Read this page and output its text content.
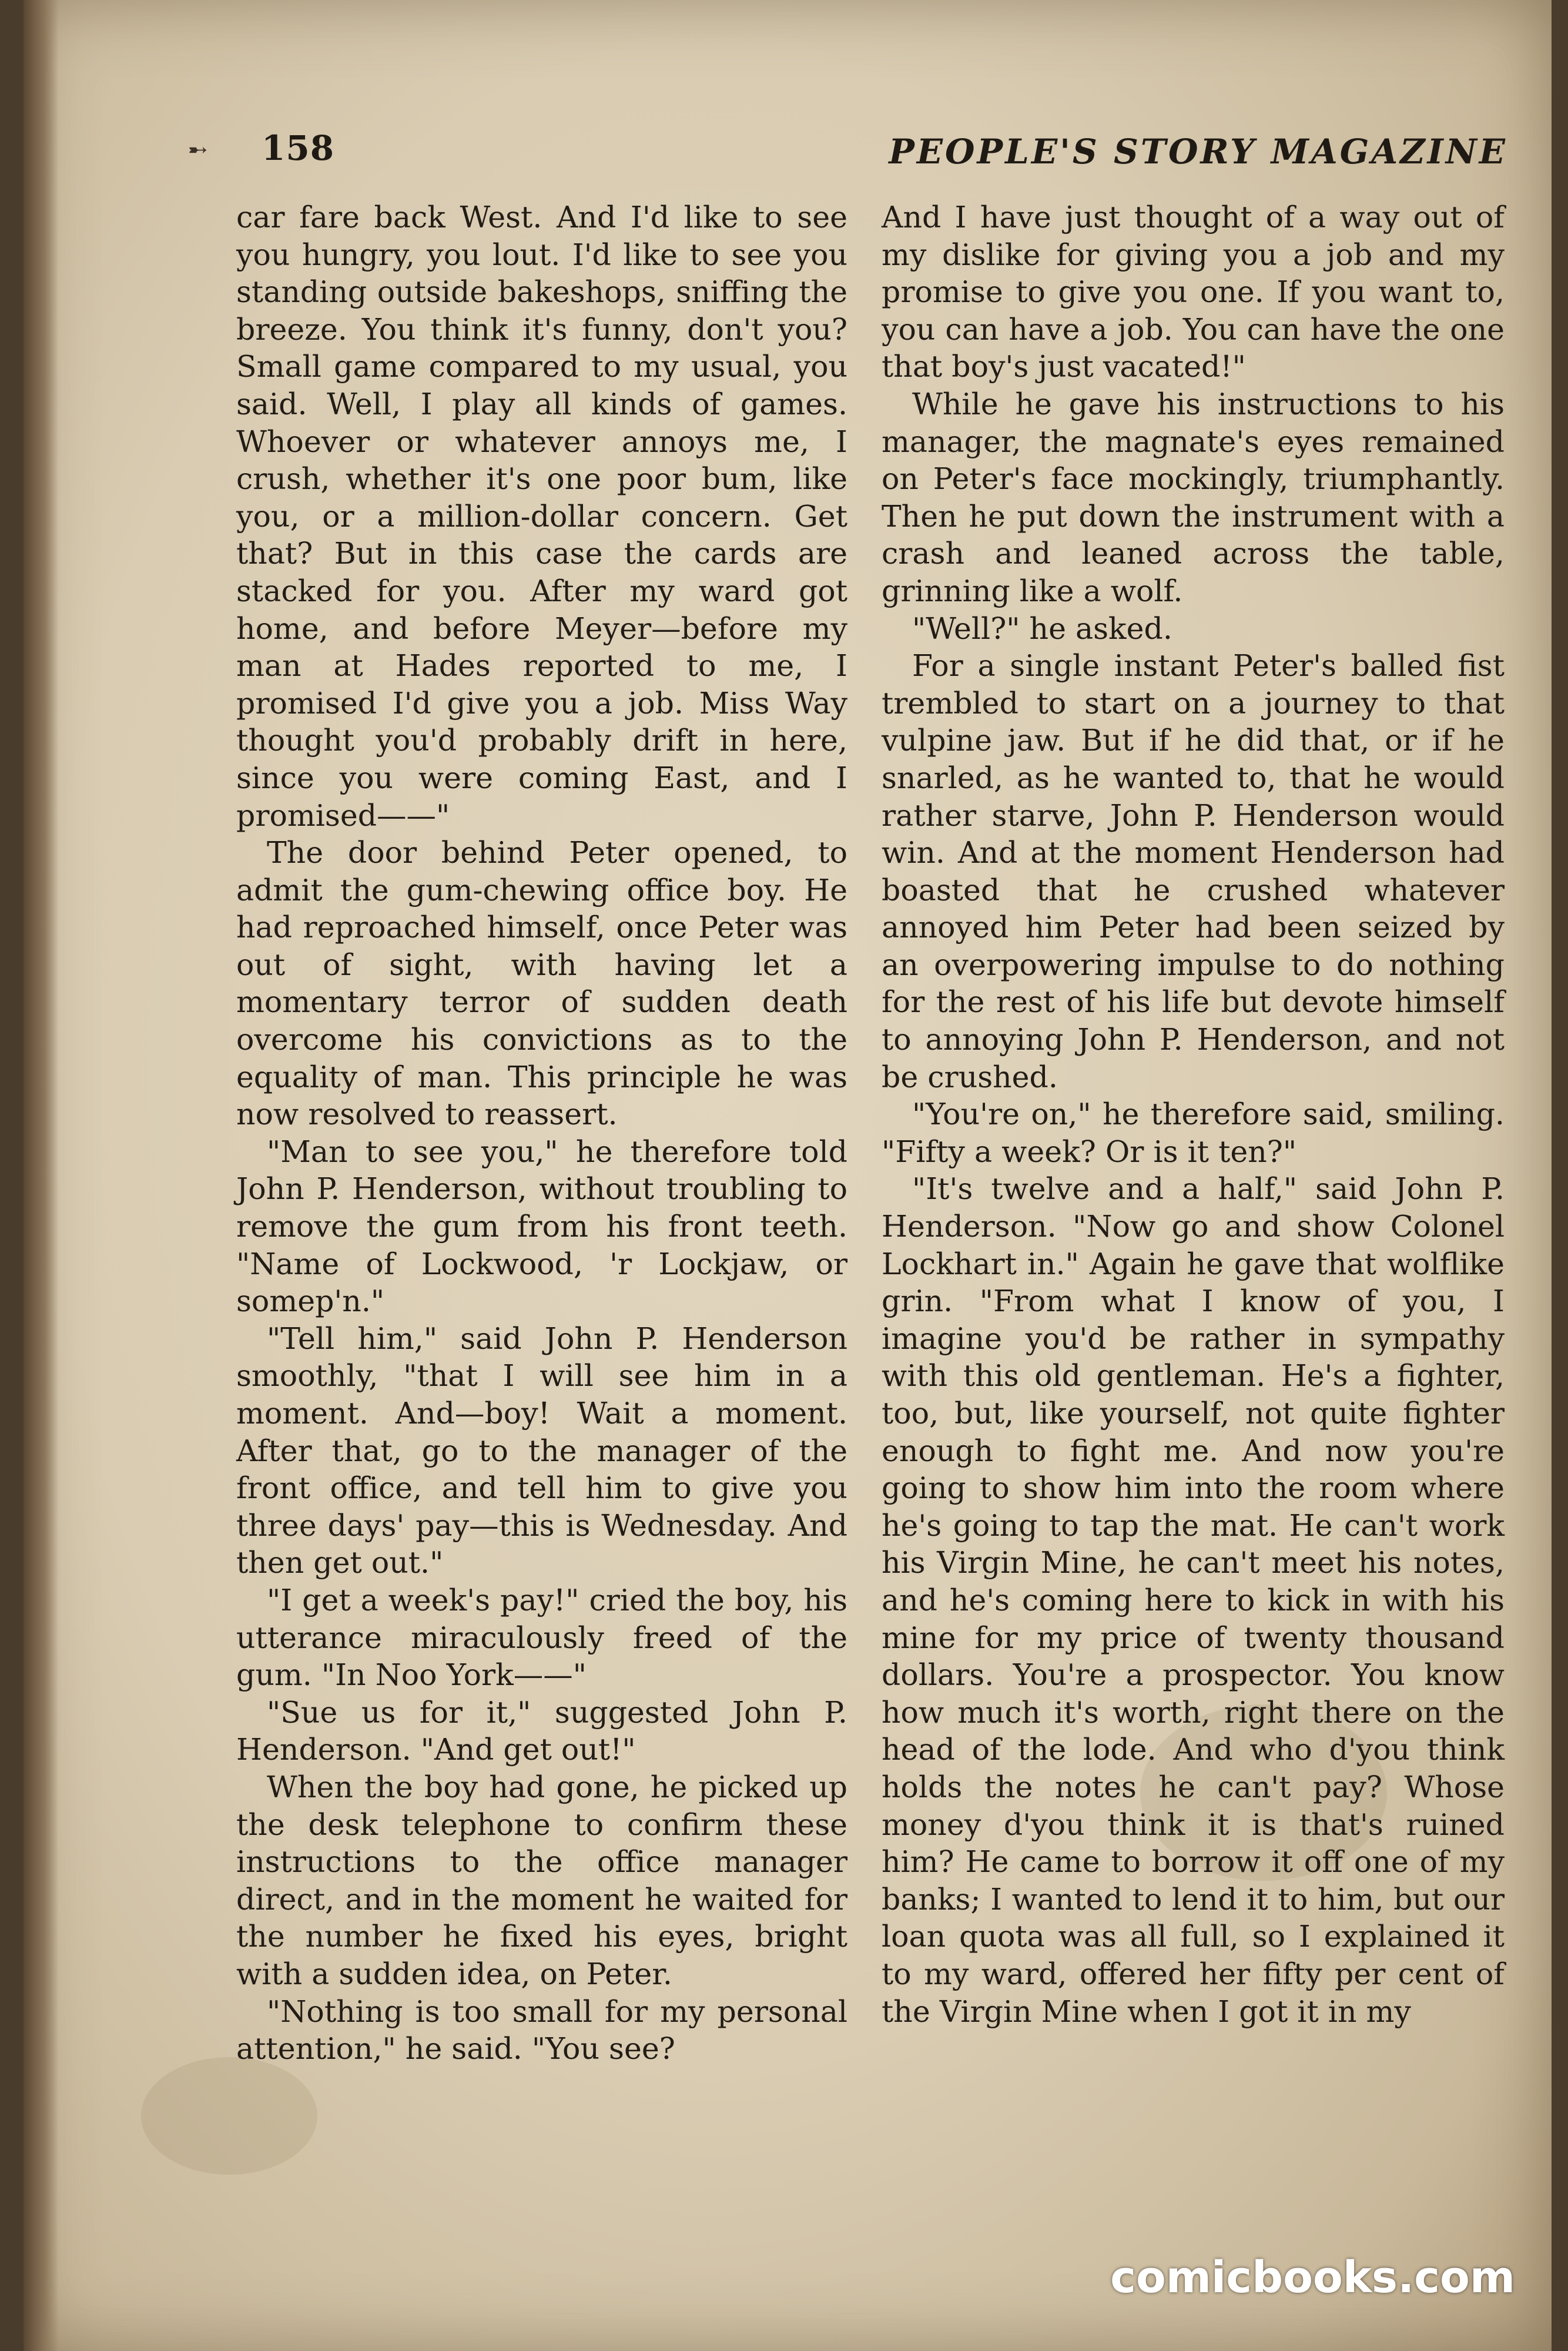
➸ 158	PEOPLE'S STORY MAGAZINE

car fare back West. And I'd like to see you hungry, you lout. I'd like to see you standing outside bakeshops, sniffing the breeze. You think it's funny, don't you? Small game compared to my usual, you said. Well, I play all kinds of games. Whoever or whatever annoys me, I crush, whether it's one poor bum, like you, or a million-dollar concern. Get that? But in this case the cards are stacked for you. After my ward got home, and before Meyer—before my man at Hades reported to me, I promised I'd give you a job. Miss Way thought you'd probably drift in here, since you were coming East, and I promised——"

The door behind Peter opened, to admit the gum-chewing office boy. He had reproached himself, once Peter was out of sight, with having let a momentary terror of sudden death overcome his convictions as to the equality of man. This principle he was now resolved to reassert.

"Man to see you," he therefore told John P. Henderson, without troubling to remove the gum from his front teeth. "Name of Lockwood, 'r Lockjaw, or somep'n."

"Tell him," said John P. Henderson smoothly, "that I will see him in a moment. And—boy! Wait a moment. After that, go to the manager of the front office, and tell him to give you three days' pay—this is Wednesday. And then get out."

"I get a week's pay!" cried the boy, his utterance miraculously freed of the gum. "In Noo York——"

"Sue us for it," suggested John P. Henderson. "And get out!"

When the boy had gone, he picked up the desk telephone to confirm these instructions to the office manager direct, and in the moment he waited for the number he fixed his eyes, bright with a sudden idea, on Peter.

"Nothing is too small for my personal attention," he said. "You see?

And I have just thought of a way out of my dislike for giving you a job and my promise to give you one. If you want to, you can have a job. You can have the one that boy's just vacated!"

While he gave his instructions to his manager, the magnate's eyes remained on Peter's face mockingly, triumphantly. Then he put down the instrument with a crash and leaned across the table, grinning like a wolf.

"Well?" he asked.

For a single instant Peter's balled fist trembled to start on a journey to that vulpine jaw. But if he did that, or if he snarled, as he wanted to, that he would rather starve, John P. Henderson would win. And at the moment Henderson had boasted that he crushed whatever annoyed him Peter had been seized by an overpowering impulse to do nothing for the rest of his life but devote himself to annoying John P. Henderson, and not be crushed.

"You're on," he therefore said, smiling. "Fifty a week? Or is it ten?"

"It's twelve and a half," said John P. Henderson. "Now go and show Colonel Lockhart in." Again he gave that wolflike grin. "From what I know of you, I imagine you'd be rather in sympathy with this old gentleman. He's a fighter, too, but, like yourself, not quite fighter enough to fight me. And now you're going to show him into the room where he's going to tap the mat. He can't work his Virgin Mine, he can't meet his notes, and he's coming here to kick in with his mine for my price of twenty thousand dollars. You're a prospector. You know how much it's worth, right there on the head of the lode. And who d'you think holds the notes he can't pay? Whose money d'you think it is that's ruined him? He came to borrow it off one of my banks; I wanted to lend it to him, but our loan quota was all full, so I explained it to my ward, offered her fifty per cent of the Virgin Mine when I got it in my

comicbooks.com
